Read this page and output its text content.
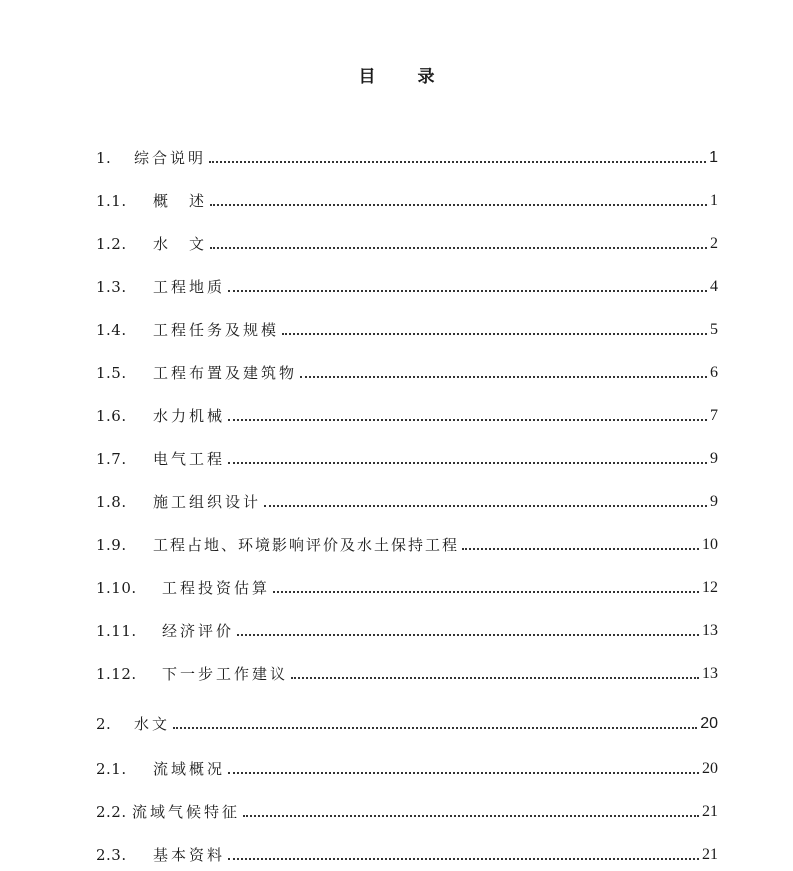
目 录
1.	综合说明	1
1.1.	概　述	1
1.2.	水　文	2
1.3.	工程地质	4
1.4.	工程任务及规模	5
1.5.	工程布置及建筑物	6
1.6.	水力机械	7
1.7.	电气工程	9
1.8.	施工组织设计	9
1.9.	工程占地、环境影响评价及水土保持工程	10
1.10.	工程投资估算	12
1.11.	经济评价	13
1.12.	下一步工作建议	13
2.	水文	20
2.1.	流域概况	20
2.2. 流域气候特征	21
2.3.	基本资料	21
